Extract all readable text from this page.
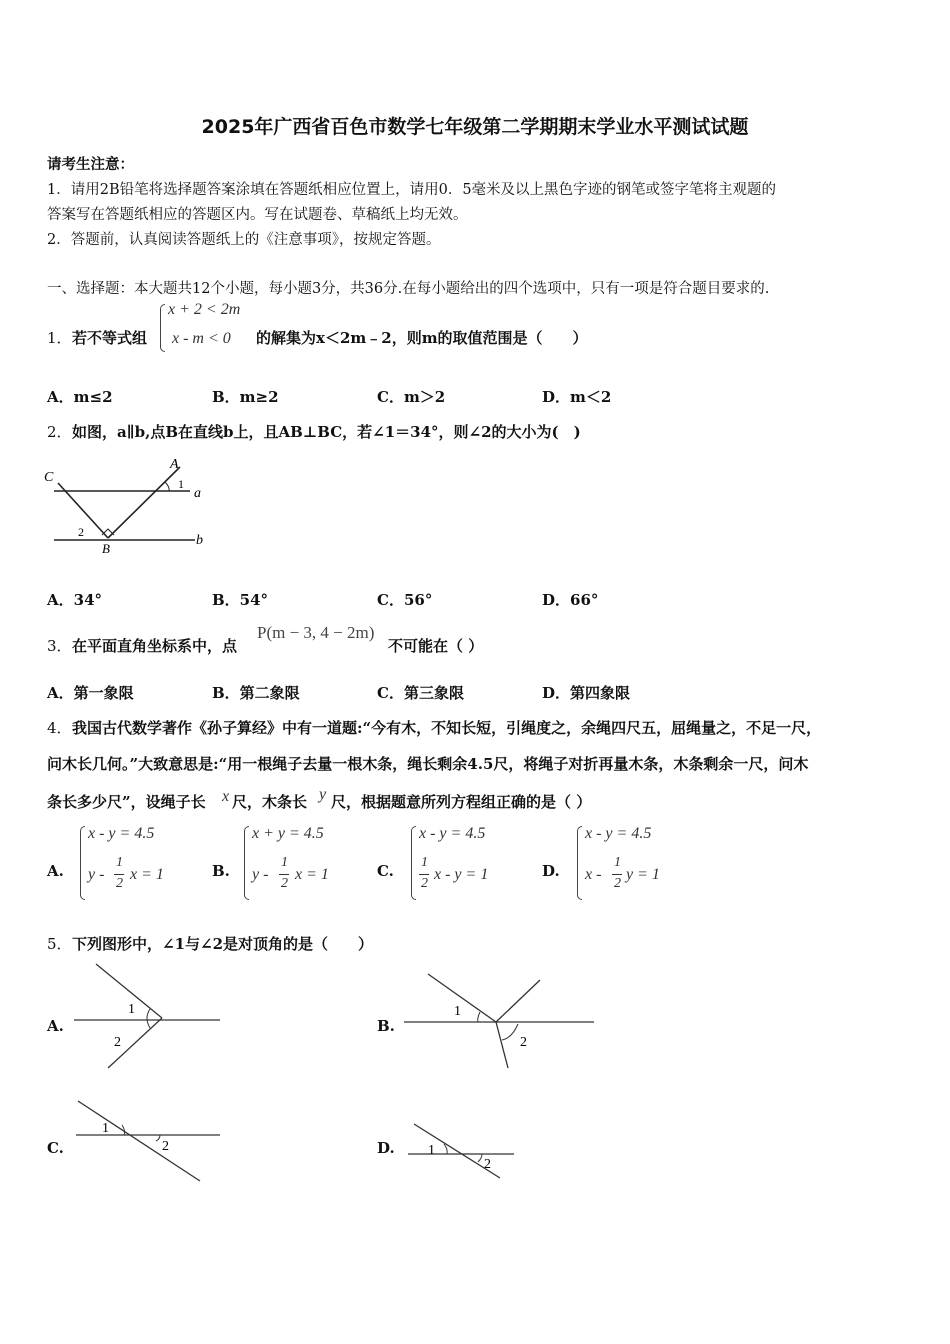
2025年广西省百色市数学七年级第二学期期末学业水平测试试题
请考生注意：
1．请用2B铅笔将选择题答案涂填在答题纸相应位置上，请用0．5毫米及以上黑色字迹的钢笔或签字笔将主观题的
答案写在答题纸相应的答题区内。写在试题卷、草稿纸上均无效。
2．答题前，认真阅读答题纸上的《注意事项》，按规定答题。
一、选择题：本大题共12个小题，每小题3分，共36分.在每小题给出的四个选项中，只有一项是符合题目要求的.
1． 若不等式组
x + 2 < 2m
x - m < 0 的解集为x＜2m﹣2，则m的取值范围是（　　）
A．m≤2	B．m≥2	C．m＞2	D．m＜2
2． 如图，a∥b,点B在直线b上，且AB⊥BC，若∠1＝34°，则∠2的大小为(　)
C
A
a
b
B
1
2
A．34°	B．54°	C．56°	D．66°
3． 在平面直角坐标系中，点
P(m − 3, 4 − 2m)
不可能在（ ）
A．第一象限	B．第二象限	C．第三象限	D．第四象限
4． 我国古代数学著作《孙子算经》中有一道题:“今有木，不知长短，引绳度之，余绳四尺五，屈绳量之，不足一尺，
问木长几何。”大致意思是:“用一根绳子去量一根木条，绳长剩余4.5尺，将绳子对折再量木条，木条剩余一尺，问木
条长多少尺”，设绳子长 x 尺，木条长 y 尺，根据题意所列方程组正确的是（ ）
A.
x - y = 4.5
y -
1
2
x = 1	B.
x + y = 4.5
y -
1
2
x = 1	C.
x - y = 4.5
1
2
x - y = 1	D.
x - y = 4.5
x -
1
y = 1
2
5． 下列图形中，∠1与∠2是对顶角的是（　　）
A.
1
2
B.
1
2
C.
1
2	D. 1
2
